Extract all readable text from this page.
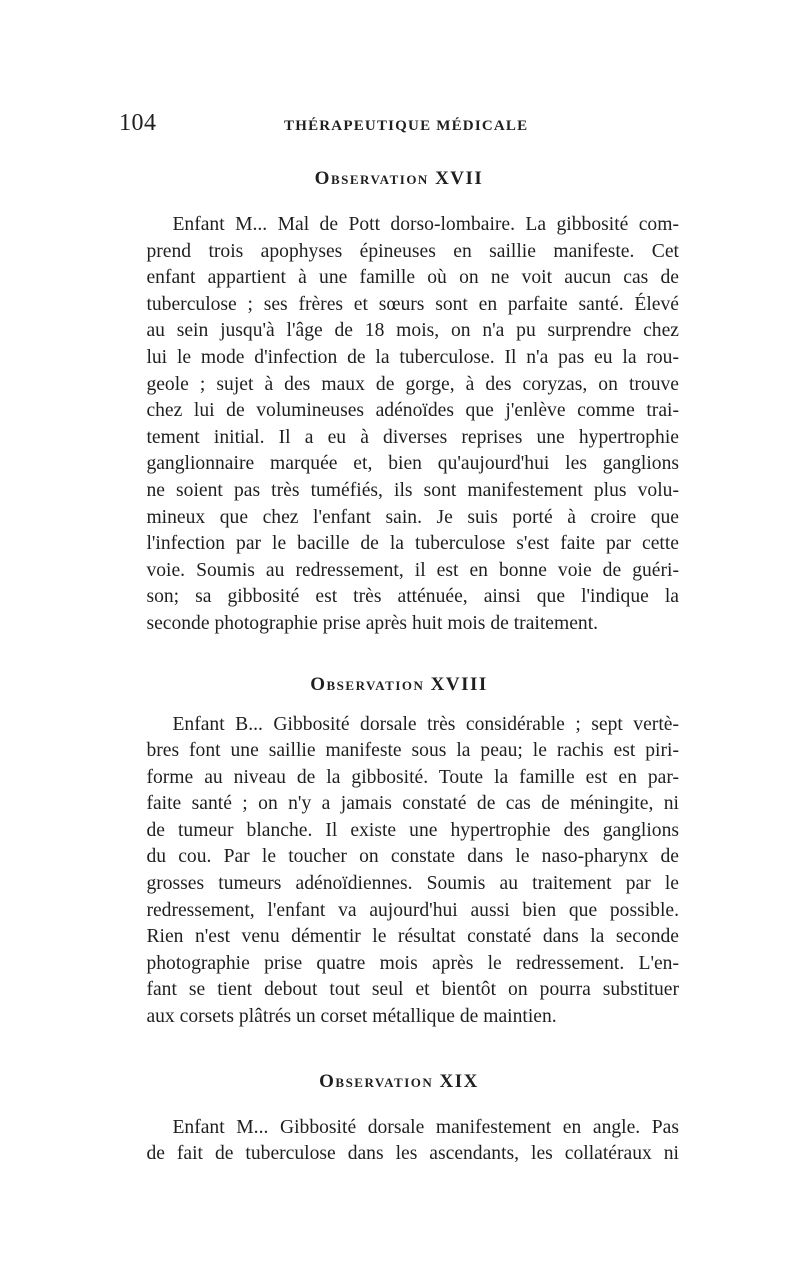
104	THÉRAPEUTIQUE MÉDICALE
Observation XVII
Enfant M... Mal de Pott dorso-lombaire. La gibbosité com-
prend trois apophyses épineuses en saillie manifeste. Cet
enfant appartient à une famille où on ne voit aucun cas de
tuberculose ; ses frères et sœurs sont en parfaite santé. Élevé
au sein jusqu'à l'âge de 18 mois, on n'a pu surprendre chez
lui le mode d'infection de la tuberculose. Il n'a pas eu la rou-
geole ; sujet à des maux de gorge, à des coryzas, on trouve
chez lui de volumineuses adénoïdes que j'enlève comme trai-
tement initial. Il a eu à diverses reprises une hypertrophie
ganglionnaire marquée et, bien qu'aujourd'hui les ganglions
ne soient pas très tuméfiés, ils sont manifestement plus volu-
mineux que chez l'enfant sain. Je suis porté à croire que
l'infection par le bacille de la tuberculose s'est faite par cette
voie. Soumis au redressement, il est en bonne voie de guéri-
son; sa gibbosité est très atténuée, ainsi que l'indique la
seconde photographie prise après huit mois de traitement.
Observation XVIII
Enfant B... Gibbosité dorsale très considérable ; sept vertè-
bres font une saillie manifeste sous la peau; le rachis est piri-
forme au niveau de la gibbosité. Toute la famille est en par-
faite santé ; on n'y a jamais constaté de cas de méningite, ni
de tumeur blanche. Il existe une hypertrophie des ganglions
du cou. Par le toucher on constate dans le naso-pharynx de
grosses tumeurs adénoïdiennes. Soumis au traitement par le
redressement, l'enfant va aujourd'hui aussi bien que possible.
Rien n'est venu démentir le résultat constaté dans la seconde
photographie prise quatre mois après le redressement. L'en-
fant se tient debout tout seul et bientôt on pourra substituer
aux corsets plâtrés un corset métallique de maintien.
Observation XIX
Enfant M... Gibbosité dorsale manifestement en angle. Pas
de fait de tuberculose dans les ascendants, les collatéraux ni
